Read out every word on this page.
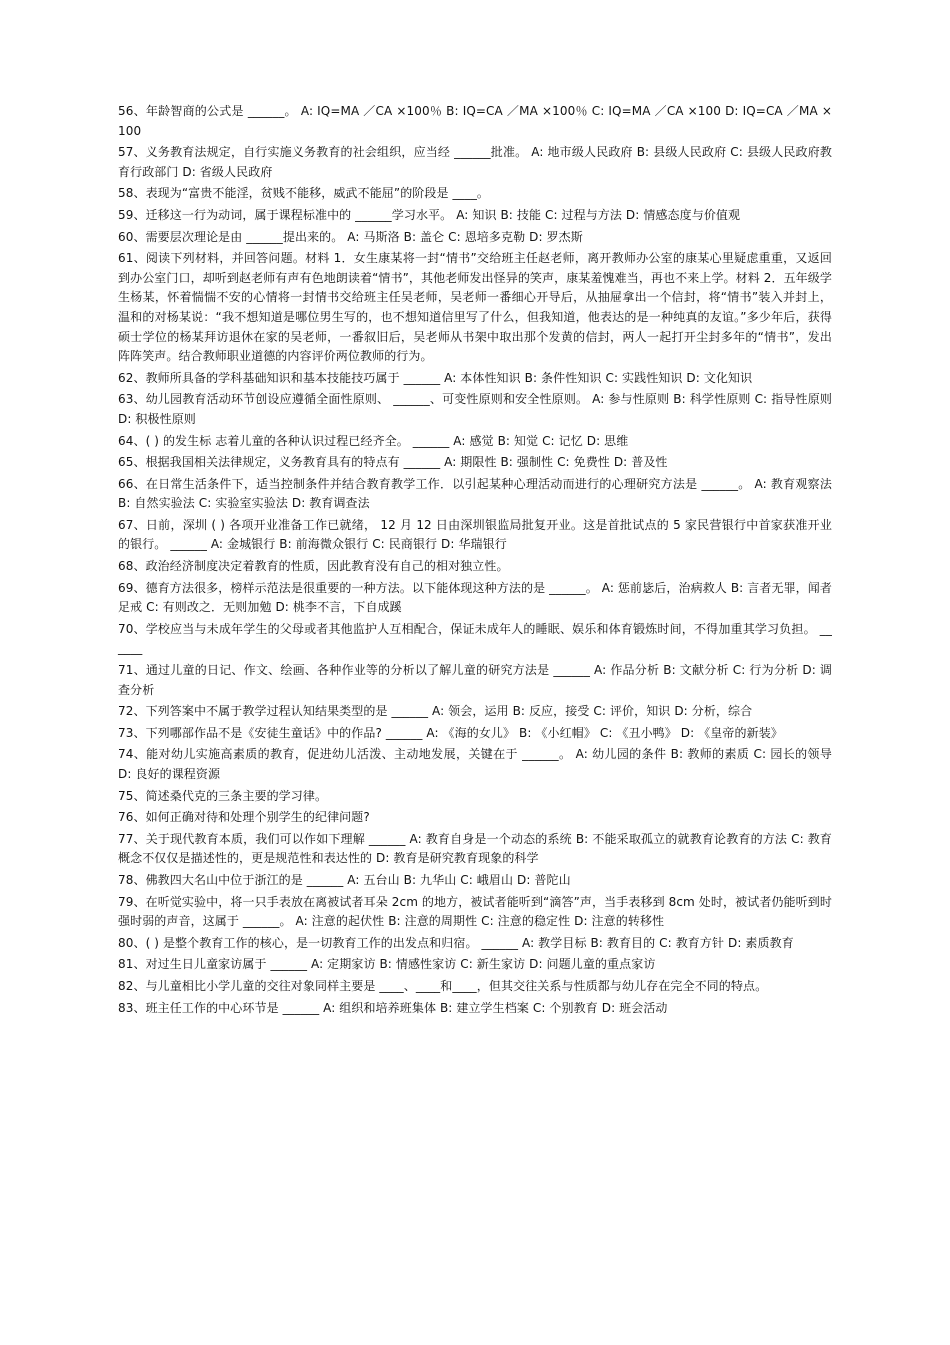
56、年龄智商的公式是 ______。 A: IQ=MA ／CA ×100％ B: IQ=CA ／MA ×100％ C: IQ=MA ／CA ×100 D: IQ=CA ／MA ×100

57、义务教育法规定，自行实施义务教育的社会组织，应当经 ______批准。 A: 地市级人民政府 B: 县级人民政府 C: 县级人民政府教育行政部门 D: 省级人民政府

58、表现为“富贵不能淫，贫贱不能移，威武不能屈”的阶段是 ____。

59、迁移这一行为动词，属于课程标准中的 ______学习水平。 A: 知识 B: 技能 C: 过程与方法 D: 情感态度与价值观

60、需要层次理论是由 ______提出来的。 A: 马斯洛 B: 盖仑 C: 恩培多克勒 D: 罗杰斯

61、阅读下列材料，并回答问题。材料 1．女生康某将一封“情书”交给班主任赵老师，离开教师办公室的康某心里疑虑重重，又返回到办公室门口，却听到赵老师有声有色地朗读着“情书”，其他老师发出怪异的笑声，康某羞愧难当，再也不来上学。材料 2．五年级学生杨某，怀着惴惴不安的心情将一封情书交给班主任吴老师，吴老师一番细心开导后，从抽屉拿出一个信封，将“情书”装入并封上，温和的对杨某说：“我不想知道是哪位男生写的，也不想知道信里写了什么，但我知道，他表达的是一种纯真的友谊。”多少年后，获得硕士学位的杨某拜访退休在家的吴老师，一番叙旧后，吴老师从书架中取出那个发黄的信封，两人一起打开尘封多年的“情书”，发出阵阵笑声。结合教师职业道德的内容评价两位教师的行为。

62、教师所具备的学科基础知识和基本技能技巧属于 ______ A: 本体性知识 B: 条件性知识 C: 实践性知识 D: 文化知识

63、幼儿园教育活动环节创设应遵循全面性原则、 ______、可变性原则和安全性原则。 A: 参与性原则 B: 科学性原则 C: 指导性原则 D: 积极性原则

64、( ) 的发生标 志着儿童的各种认识过程已经齐全。 ______ A: 感觉 B: 知觉 C: 记忆 D: 思维

65、根据我国相关法律规定，义务教育具有的特点有 ______ A: 期限性 B: 强制性 C: 免费性 D: 普及性

66、在日常生活条件下，适当控制条件并结合教育教学工作．以引起某种心理活动而进行的心理研究方法是 ______。 A: 教育观察法 B: 自然实验法 C: 实验室实验法 D: 教育调查法

67、日前，深圳 ( ) 各项开业准备工作已就绪， 12 月 12 日由深圳银监局批复开业。这是首批试点的 5 家民营银行中首家获准开业的银行。 ______ A: 金城银行 B: 前海微众银行 C: 民商银行 D: 华瑞银行

68、政治经济制度决定着教育的性质，因此教育没有自己的相对独立性。

69、德育方法很多，榜样示范法是很重要的一种方法。以下能体现这种方法的是 ______。 A: 惩前毖后，治病救人 B: 言者无罪，闻者足戒 C: 有则改之．无则加勉 D: 桃李不言，下自成蹊

70、学校应当与未成年学生的父母或者其他监护人互相配合，保证未成年人的睡眠、娱乐和体育锻炼时间，不得加重其学习负担。 ______

71、通过儿童的日记、作文、绘画、各种作业等的分析以了解儿童的研究方法是 ______ A: 作品分析 B: 文献分析 C: 行为分析 D: 调查分析

72、下列答案中不属于教学过程认知结果类型的是 ______ A: 领会，运用 B: 反应，接受 C: 评价，知识 D: 分析，综合

73、下列哪部作品不是《安徒生童话》中的作品? ______ A: 《海的女儿》 B: 《小红帽》 C: 《丑小鸭》 D: 《皇帝的新装》

74、能对幼儿实施高素质的教育，促进幼儿活泼、主动地发展，关键在于 ______。 A: 幼儿园的条件 B: 教师的素质 C: 园长的领导 D: 良好的课程资源

75、简述桑代克的三条主要的学习律。

76、如何正确对待和处理个别学生的纪律问题?

77、关于现代教育本质，我们可以作如下理解 ______ A: 教育自身是一个动态的系统 B: 不能采取孤立的就教育论教育的方法 C: 教育概念不仅仅是描述性的，更是规范性和表达性的 D: 教育是研究教育现象的科学

78、佛教四大名山中位于浙江的是 ______ A: 五台山 B: 九华山 C: 峨眉山 D: 普陀山

79、在听觉实验中，将一只手表放在离被试者耳朵 2cm 的地方，被试者能听到“滴答”声，当手表移到 8cm 处时，被试者仍能听到时强时弱的声音，这属于 ______。 A: 注意的起伏性 B: 注意的周期性 C: 注意的稳定性 D: 注意的转移性

80、( ) 是整个教育工作的核心，是一切教育工作的出发点和归宿。 ______ A: 教学目标 B: 教育目的 C: 教育方针 D: 素质教育

81、对过生日儿童家访属于 ______ A: 定期家访 B: 情感性家访 C: 新生家访 D: 问题儿童的重点家访

82、与儿童相比小学儿童的交往对象同样主要是 ____、____和____，但其交往关系与性质都与幼儿存在完全不同的特点。

83、班主任工作的中心环节是 ______ A: 组织和培养班集体 B: 建立学生档案 C: 个别教育 D: 班会活动
